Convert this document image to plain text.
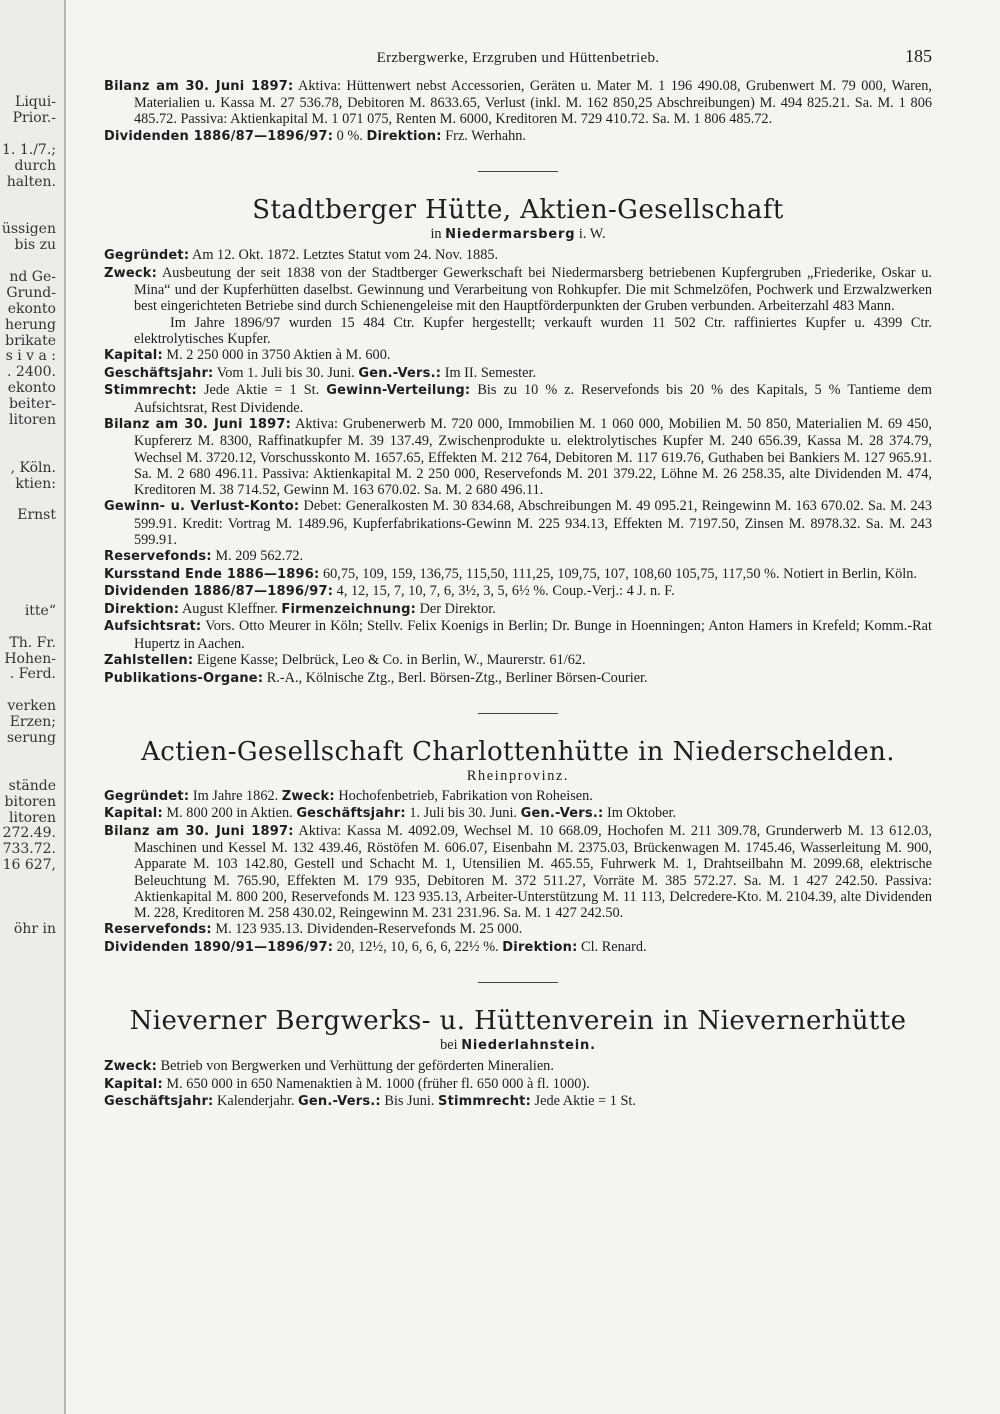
Liqui-
Prior.-
1. 1./7.;
durch
halten.
üssigen
bis zu
nd Ge-
Grund-
ekonto
herung
brikate
s i v a :
. 2400.
ekonto
beiter-
litoren
, Köln.
ktien:
Ernst
itte“
Th. Fr.
Hohen-
. Ferd.
verken
Erzen;
serung
stände
bitoren
litoren
272.49.
733.72.
16 627,
öhr in
Erzbergwerke, Erzgruben und Hüttenbetrieb.	185

Bilanz am 30. Juni 1897: Aktiva: Hüttenwert nebst Accessorien, Geräten u. Mater M. 1 196 490.08, Grubenwert M. 79 000, Waren, Materialien u. Kassa M. 27 536.78, Debitoren M. 8633.65, Verlust (inkl. M. 162 850,25 Abschreibungen) M. 494 825.21. Sa. M. 1 806 485.72. Passiva: Aktienkapital M. 1 071 075, Renten M. 6000, Kreditoren M. 729 410.72. Sa. M. 1 806 485.72.

Dividenden 1886/87—1896/97: 0 %. Direktion: Frz. Werhahn.

Stadtberger Hütte, Aktien-Gesellschaft

in Niedermarsberg i. W.

Gegründet: Am 12. Okt. 1872. Letztes Statut vom 24. Nov. 1885.

Zweck: Ausbeutung der seit 1838 von der Stadtberger Gewerkschaft bei Niedermarsberg betriebenen Kupfergruben „Friederike, Oskar u. Mina“ und der Kupferhütten daselbst. Gewinnung und Verarbeitung von Rohkupfer. Die mit Schmelzöfen, Pochwerk und Erzwalzwerken best eingerichteten Betriebe sind durch Schienengeleise mit den Hauptförderpunkten der Gruben verbunden. Arbeiterzahl 483 Mann.

Im Jahre 1896/97 wurden 15 484 Ctr. Kupfer hergestellt; verkauft wurden 11 502 Ctr. raffiniertes Kupfer u. 4399 Ctr. elektrolytisches Kupfer.

Kapital: M. 2 250 000 in 3750 Aktien à M. 600.

Geschäftsjahr: Vom 1. Juli bis 30. Juni. Gen.-Vers.: Im II. Semester.

Stimmrecht: Jede Aktie = 1 St. Gewinn-Verteilung: Bis zu 10 % z. Reservefonds bis 20 % des Kapitals, 5 % Tantieme dem Aufsichtsrat, Rest Dividende.

Bilanz am 30. Juni 1897: Aktiva: Grubenerwerb M. 720 000, Immobilien M. 1 060 000, Mobilien M. 50 850, Materialien M. 69 450, Kupfererz M. 8300, Raffinatkupfer M. 39 137.49, Zwischenprodukte u. elektrolytisches Kupfer M. 240 656.39, Kassa M. 28 374.79, Wechsel M. 3720.12, Vorschusskonto M. 1657.65, Effekten M. 212 764, Debitoren M. 117 619.76, Guthaben bei Bankiers M. 127 965.91. Sa. M. 2 680 496.11. Passiva: Aktienkapital M. 2 250 000, Reservefonds M. 201 379.22, Löhne M. 26 258.35, alte Dividenden M. 474, Kreditoren M. 38 714.52, Gewinn M. 163 670.02. Sa. M. 2 680 496.11.

Gewinn- u. Verlust-Konto: Debet: Generalkosten M. 30 834.68, Abschreibungen M. 49 095.21, Reingewinn M. 163 670.02. Sa. M. 243 599.91. Kredit: Vortrag M. 1489.96, Kupferfabrikations-Gewinn M. 225 934.13, Effekten M. 7197.50, Zinsen M. 8978.32. Sa. M. 243 599.91.

Reservefonds: M. 209 562.72.

Kursstand Ende 1886—1896: 60,75, 109, 159, 136,75, 115,50, 111,25, 109,75, 107, 108,60 105,75, 117,50 %. Notiert in Berlin, Köln.

Dividenden 1886/87—1896/97: 4, 12, 15, 7, 10, 7, 6, 3½, 3, 5, 6½ %. Coup.-Verj.: 4 J. n. F.

Direktion: August Kleffner. Firmenzeichnung: Der Direktor.

Aufsichtsrat: Vors. Otto Meurer in Köln; Stellv. Felix Koenigs in Berlin; Dr. Bunge in Hoenningen; Anton Hamers in Krefeld; Komm.-Rat Hupertz in Aachen.

Zahlstellen: Eigene Kasse; Delbrück, Leo & Co. in Berlin, W., Maurerstr. 61/62.

Publikations-Organe: R.-A., Kölnische Ztg., Berl. Börsen-Ztg., Berliner Börsen-Courier.

Actien-Gesellschaft Charlottenhütte in Niederschelden.

Rheinprovinz.

Gegründet: Im Jahre 1862. Zweck: Hochofenbetrieb, Fabrikation von Roheisen.

Kapital: M. 800 200 in Aktien. Geschäftsjahr: 1. Juli bis 30. Juni. Gen.-Vers.: Im Oktober.

Bilanz am 30. Juni 1897: Aktiva: Kassa M. 4092.09, Wechsel M. 10 668.09, Hochofen M. 211 309.78, Grunderwerb M. 13 612.03, Maschinen und Kessel M. 132 439.46, Röstöfen M. 606.07, Eisenbahn M. 2375.03, Brückenwagen M. 1745.46, Wasserleitung M. 900, Apparate M. 103 142.80, Gestell und Schacht M. 1, Utensilien M. 465.55, Fuhrwerk M. 1, Drahtseilbahn M. 2099.68, elektrische Beleuchtung M. 765.90, Effekten M. 179 935, Debitoren M. 372 511.27, Vorräte M. 385 572.27. Sa. M. 1 427 242.50. Passiva: Aktienkapital M. 800 200, Reservefonds M. 123 935.13, Arbeiter-Unterstützung M. 11 113, Delcredere-Kto. M. 2104.39, alte Dividenden M. 228, Kreditoren M. 258 430.02, Reingewinn M. 231 231.96. Sa. M. 1 427 242.50.

Reservefonds: M. 123 935.13. Dividenden-Reservefonds M. 25 000.

Dividenden 1890/91—1896/97: 20, 12½, 10, 6, 6, 6, 22½ %. Direktion: Cl. Renard.

Nieverner Bergwerks- u. Hüttenverein in Nievernerhütte

bei Niederlahnstein.

Zweck: Betrieb von Bergwerken und Verhüttung der geförderten Mineralien.

Kapital: M. 650 000 in 650 Namenaktien à M. 1000 (früher fl. 650 000 à fl. 1000).

Geschäftsjahr: Kalenderjahr. Gen.-Vers.: Bis Juni. Stimmrecht: Jede Aktie = 1 St.
